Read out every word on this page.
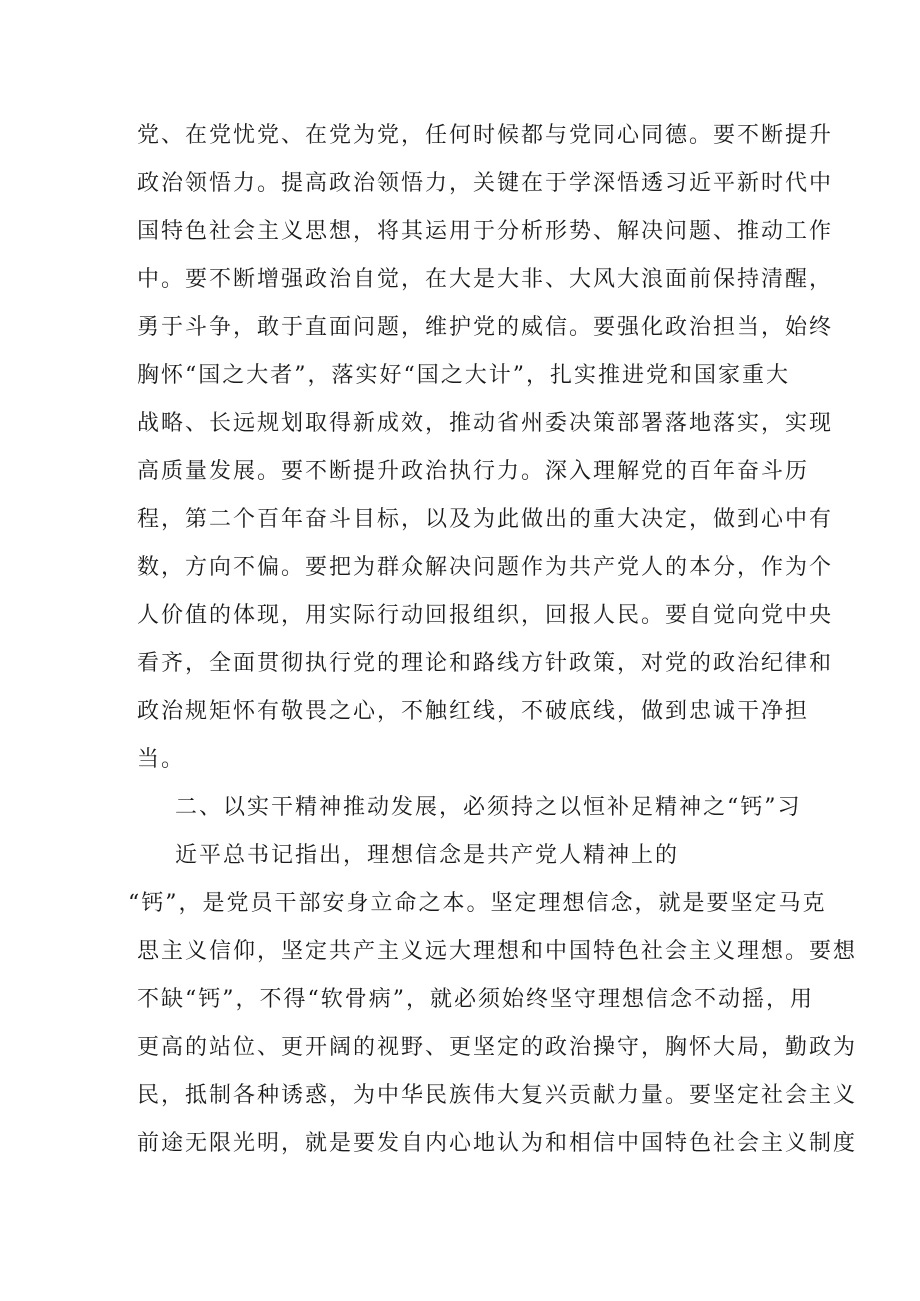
党、在党忧党、在党为党，任何时候都与党同心同德。要不断提升
政治领悟力。提高政治领悟力，关键在于学深悟透习近平新时代中
国特色社会主义思想，将其运用于分析形势、解决问题、推动工作
中。要不断增强政治自觉，在大是大非、大风大浪面前保持清醒，
勇于斗争，敢于直面问题，维护党的威信。要强化政治担当，始终
胸怀“国之大者”，落实好“国之大计”，扎实推进党和国家重大
战略、长远规划取得新成效，推动省州委决策部署落地落实，实现
高质量发展。要不断提升政治执行力。深入理解党的百年奋斗历
程，第二个百年奋斗目标，以及为此做出的重大决定，做到心中有
数，方向不偏。要把为群众解决问题作为共产党人的本分，作为个
人价值的体现，用实际行动回报组织，回报人民。要自觉向党中央
看齐，全面贯彻执行党的理论和路线方针政策，对党的政治纪律和
政治规矩怀有敬畏之心，不触红线，不破底线，做到忠诚干净担
当。
二、以实干精神推动发展，必须持之以恒补足精神之“钙”习
近平总书记指出，理想信念是共产党人精神上的
“钙”，是党员干部安身立命之本。坚定理想信念，就是要坚定马克
思主义信仰，坚定共产主义远大理想和中国特色社会主义理想。要想
不缺“钙”，不得“软骨病”，就必须始终坚守理想信念不动摇，用
更高的站位、更开阔的视野、更坚定的政治操守，胸怀大局，勤政为
民，抵制各种诱惑，为中华民族伟大复兴贡献力量。要坚定社会主义
前途无限光明，就是要发自内心地认为和相信中国特色社会主义制度
